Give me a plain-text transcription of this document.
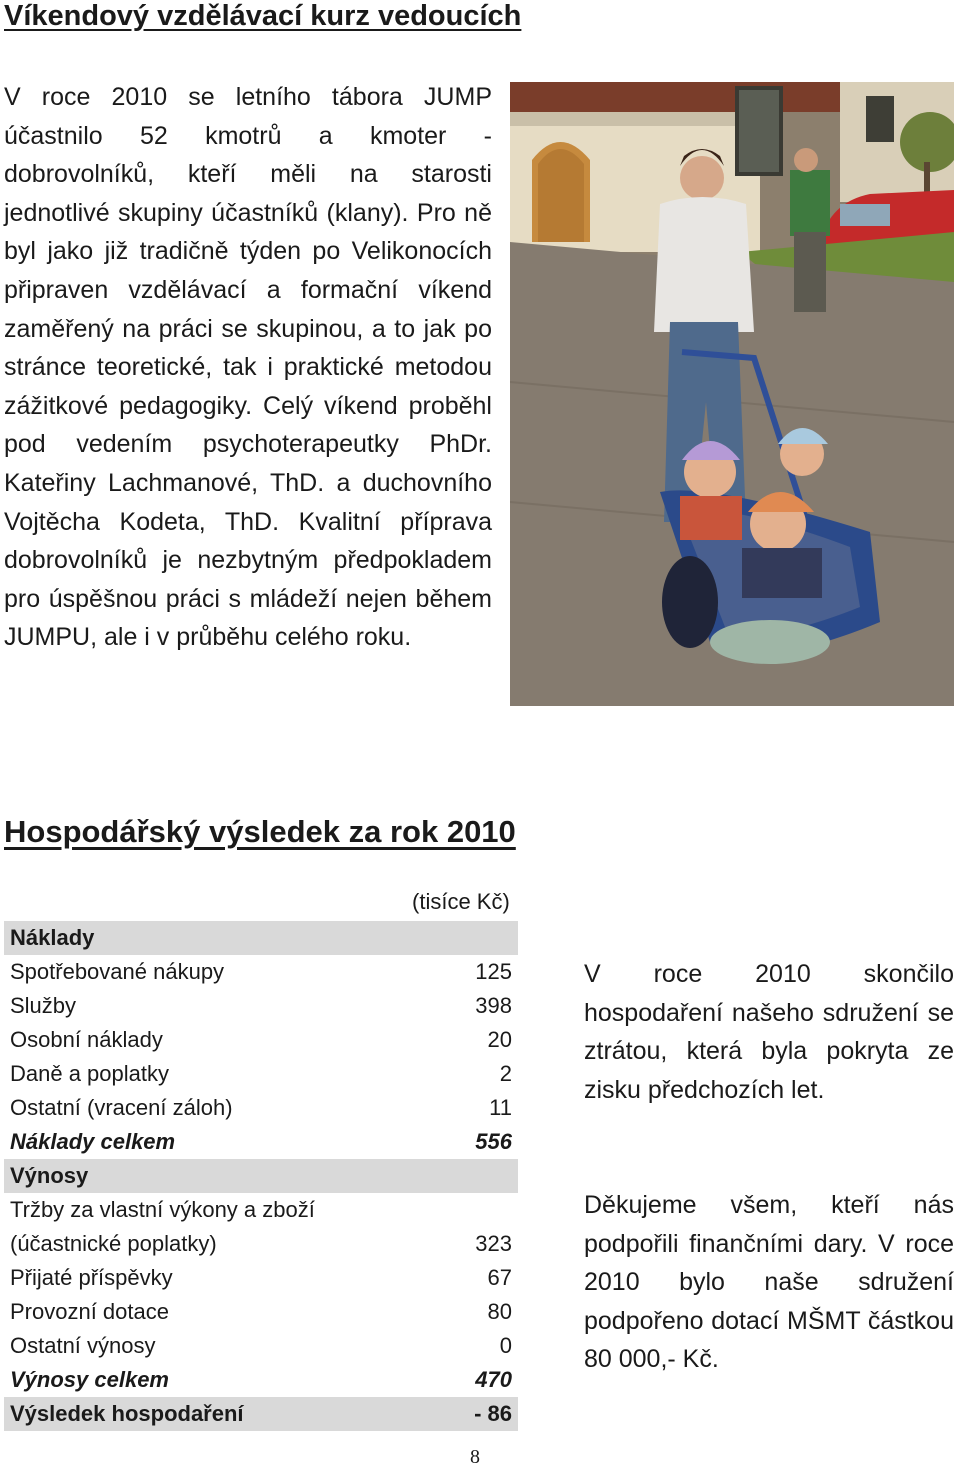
Víkendový vzdělávací kurz vedoucích

V roce 2010 se letního tábora JUMP účastnilo 52 kmotrů a kmoter - dobrovolníků, kteří měli na starosti jednotlivé skupiny účastníků (klany). Pro ně byl jako již tradičně týden po Velikonocích připraven vzdělávací a formační víkend zaměřený na práci se skupinou, a to jak po stránce teoretické, tak i praktické metodou zážitkové pedagogiky. Celý víkend proběhl pod vedením psychoterapeutky PhDr. Kateřiny Lachmanové, ThD. a duchovního Vojtěcha Kodeta, ThD. Kvalitní příprava dobrovolníků je nezbytným předpokladem pro úspěšnou práci s mládeží nejen během JUMPU, ale i v průběhu celého roku.

Hospodářský výsledek za rok 2010

(tisíce Kč)

Náklady	
Spotřebované nákupy	125
Služby	398
Osobní náklady	20
Daně a poplatky	2
Ostatní (vracení záloh)	11
Náklady celkem	556
Výnosy	
Tržby za vlastní výkony a zboží	
(účastnické poplatky)	323
Přijaté příspěvky	67
Provozní dotace	80
Ostatní výnosy	0
Výnosy celkem	470
Výsledek hospodaření	- 86

V roce 2010 skončilo hospodaření našeho sdružení se ztrátou, která byla pokryta ze zisku předchozích let.

Děkujeme všem, kteří nás podpořili finančními dary. V roce 2010 bylo naše sdružení podpořeno dotací MŠMT částkou 80 000,- Kč.

8
